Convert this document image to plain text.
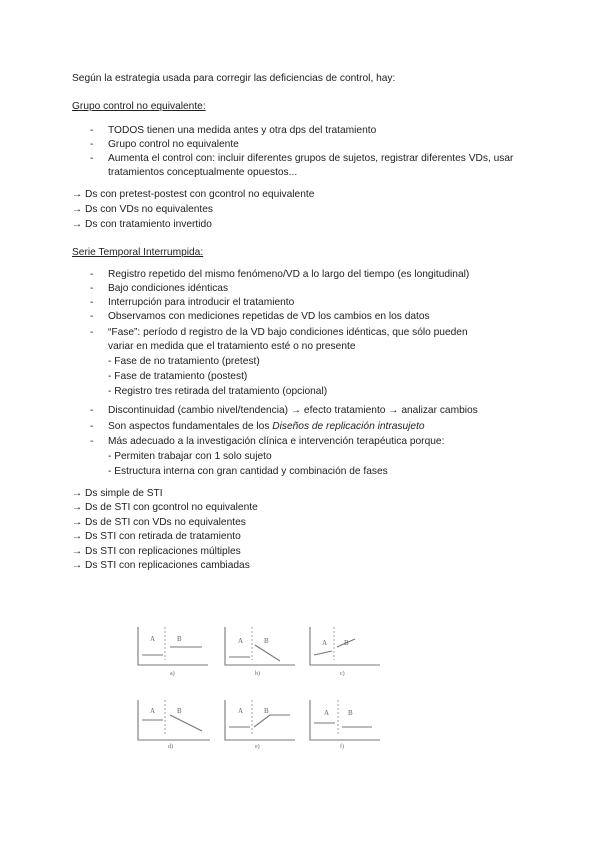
Según la estrategia usada para corregir las deficiencias de control, hay:
Grupo control no equivalente:
- TODOS tienen una medida antes y otra dps del tratamiento
- Grupo control no equivalente
- Aumenta el control con: incluir diferentes grupos de sujetos, registrar diferentes VDs, usar tratamientos conceptualmente opuestos...
→ Ds con pretest-postest con gcontrol no equivalente
→ Ds con VDs no equivalentes
→ Ds con tratamiento invertido
Serie Temporal Interrumpida:
- Registro repetido del mismo fenómeno/VD a lo largo del tiempo (es longitudinal)
- Bajo condiciones idénticas
- Interrupción para introducir el tratamiento
- Observamos con mediciones repetidas de VD los cambios en los datos
- “Fase”: período d registro de la VD bajo condiciones idénticas, que sólo pueden
variar en medida que el tratamiento esté o no presente
- Fase de no tratamiento (pretest)
- Fase de tratamiento (postest)
- Registro tres retirada del tratamiento (opcional)
- Discontinuidad (cambio nivel/tendencia) → efecto tratamiento → analizar cambios
- Son aspectos fundamentales de los Diseños de replicación intrasujeto
- Más adecuado a la investigación clínica e intervención terapéutica porque:
- Permiten trabajar con 1 solo sujeto
- Estructura interna con gran cantidad y combinación de fases
→ Ds simple de STI
→ Ds de STI con gcontrol no equivalente
→ Ds de STI con VDs no equivalentes
→ Ds STI con retirada de tratamiento
→ Ds STI con replicaciones múltiples
→ Ds STI con replicaciones cambiadas
A	B	A	B	A B
A	B	A	B	A	B
a)	b)	c)
d)	e)	f)
